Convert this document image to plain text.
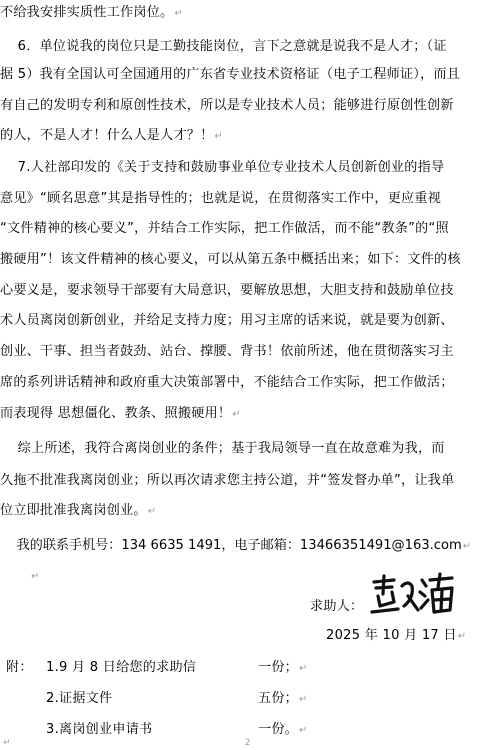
不给我安排实质性工作岗位。↵
6．单位说我的岗位只是工勤技能岗位，言下之意就是说我不是人才；（证
据 5）我有全国认可全国通用的广东省专业技术资格证（电子工程师证），而且
有自己的发明专利和原创性技术，所以是专业技术人员；能够进行原创性创新
的人，不是人才！什么人是人才？！↵
7.人社部印发的《关于支持和鼓励事业单位专业技术人员创新创业的指导
意见》“顾名思意”其是指导性的；也就是说，在贯彻落实工作中，更应重视
“文件精神的核心要义”，并结合工作实际，把工作做活，而不能“教条”的“照
搬硬用”！该文件精神的核心要义，可以从第五条中概括出来；如下：文件的核
心要义是，要求领导干部要有大局意识，要解放思想，大胆支持和鼓励单位技
术人员离岗创新创业，并给足支持力度；用习主席的话来说，就是要为创新、
创业、干事、担当者鼓劲、站台、撑腰、背书！依前所述，他在贯彻落实习主
席的系列讲话精神和政府重大决策部署中，不能结合工作实际，把工作做活；
而表现得 思想僵化、教条、照搬硬用！↵
综上所述，我符合离岗创业的条件；基于我局领导一直在故意难为我，而
久拖不批准我离岗创业；所以再次请求您主持公道，并“签发督办单”，让我单
位立即批准我离岗创业。↵
我的联系手机号：134 6635 1491，电子邮箱：13466351491@163.com↵
↵
求助人：
2025 年 10 月 17 日↵
附： 1.9 月 8 日给您的求助信	一份；↵
2.证据文件	五份；↵
3.离岗创业申请书	一份。↵
↵	2
